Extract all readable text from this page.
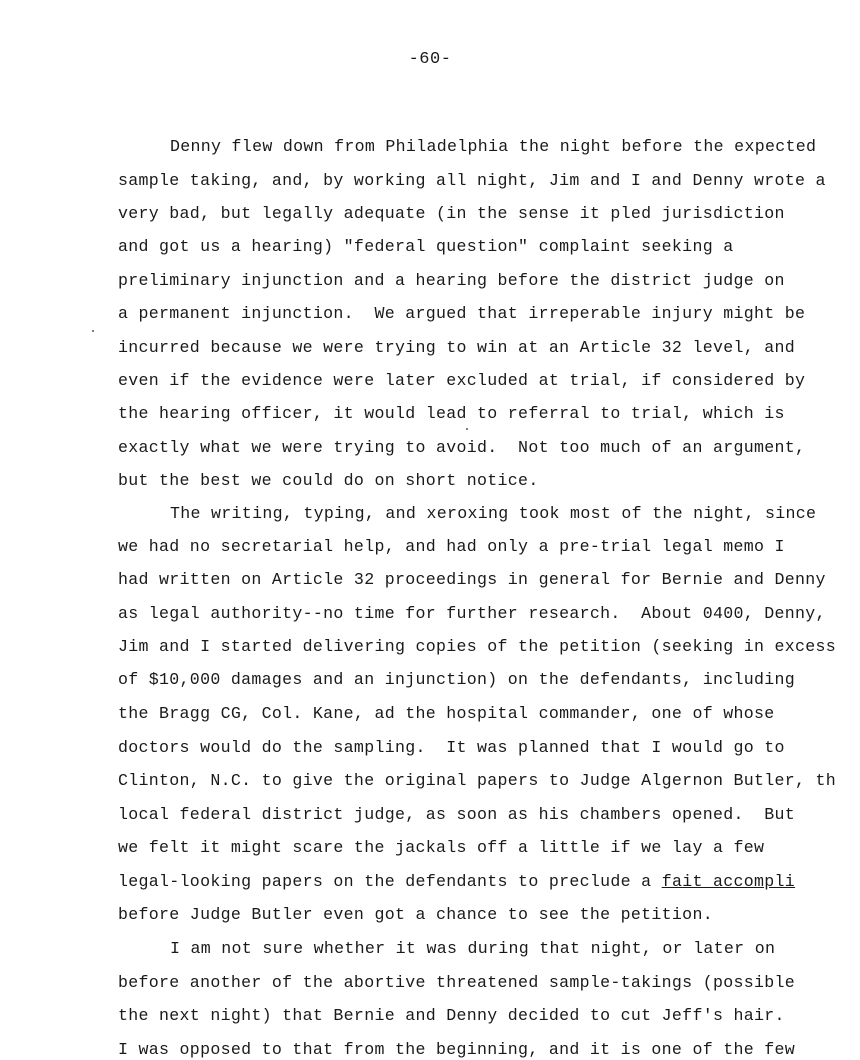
-60-
Denny flew down from Philadelphia the night before the expected
sample taking, and, by working all night, Jim and I and Denny wrote a
very bad, but legally adequate (in the sense it pled jurisdiction
and got us a hearing) "federal question" complaint seeking a
preliminary injunction and a hearing before the district judge on
a permanent injunction.  We argued that irreperable injury might be
incurred because we were trying to win at an Article 32 level, and
even if the evidence were later excluded at trial, if considered by
the hearing officer, it would lead to referral to trial, which is
exactly what we were trying to avoid.  Not too much of an argument,
but the best we could do on short notice.
The writing, typing, and xeroxing took most of the night, since
we had no secretarial help, and had only a pre-trial legal memo I
had written on Article 32 proceedings in general for Bernie and Denny
as legal authority--no time for further research.  About 0400, Denny,
Jim and I started delivering copies of the petition (seeking in excess
of $10,000 damages and an injunction) on the defendants, including
the Bragg CG, Col. Kane, ad the hospital commander, one of whose
doctors would do the sampling.  It was planned that I would go to
Clinton, N.C. to give the original papers to Judge Algernon Butler, th
local federal district judge, as soon as his chambers opened.  But
we felt it might scare the jackals off a little if we lay a few
legal-looking papers on the defendants to preclude a fait accompli
before Judge Butler even got a chance to see the petition.
I am not sure whether it was during that night, or later on
before another of the abortive threatened sample-takings (possible
the next night) that Bernie and Denny decided to cut Jeff's hair.
I was opposed to that from the beginning, and it is one of the few
